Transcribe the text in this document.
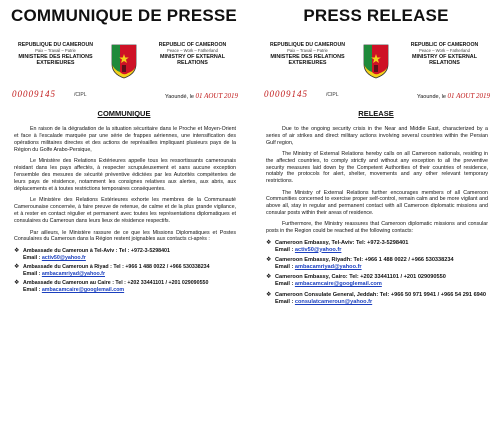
COMMUNIQUE DE PRESSE
REPUBLIQUE DU CAMEROUN
Paix – Travail – Patrie
MINISTERE DES RELATIONS EXTERIEURES
REPUBLIC OF CAMEROON
Peace – Work – Fatherland
MINISTRY OF EXTERNAL RELATIONS
00009145	/CIPL	Yaoundé, le 01 AOUT 2019
COMMUNIQUE

En raison de la dégradation de la situation sécuritaire dans le Proche et Moyen-Orient et face à l'escalade marquée par une série de frappes aériennes, une intensification des opérations militaires directes et des actions de représailles impliquant plusieurs pays de la Région du Golfe Arabo-Persique,

Le Ministère des Relations Extérieures appelle tous les ressortissants camerounais résidant dans les pays affectés, à respecter scrupuleusement et sans aucune exception l'ensemble des mesures de sécurité préventive édictées par les Autorités compétentes de leurs pays de résidence, notamment les consignes relatives aux alertes, aux abris, aux déplacements et à toutes restrictions temporaires conséquentes.

Le Ministère des Relations Extérieures exhorte les membres de la Communauté Camerounaise concernée, à faire preuve de retenue, de calme et de la plus grande vigilance, et à rester en contact régulier et permanent avec toutes les représentations diplomatiques et consulaires du Cameroun dans leurs lieux de résidence respectifs.

Par ailleurs, le Ministère rassure de ce que les Missions Diplomatiques et Postes Consulaires du Cameroun dans la Région restent joignables aux contacts ci-après :

❖ Ambassade du Cameroun à Tel-Aviv : Tel : +972-3-5298401
Email : activ50@yahoo.fr
❖ Ambassade du Cameroun à Riyad : Tel : +966 1 488 0022 / +966 530338234
Email : ambacamriyad@yahoo.fr
❖ Ambassade du Cameroun au Caire : Tel : +202 33441101 / +201 029090550
Email : ambacamcaire@googlemail.com
PRESS RELEASE
REPUBLIQUE DU CAMEROUN
Paix – Travail – Patrie
MINISTERE DES RELATIONS EXTERIEURES
REPUBLIC OF CAMEROON
Peace – Work – Fatherland
MINISTRY OF EXTERNAL RELATIONS
00009145	/CIPL	Yaounde, le 01 AOUT 2019
RELEASE

Due to the ongoing security crisis in the Near and Middle East, characterized by a series of air strikes and direct military actions involving several countries within the Persian Gulf region,

The Ministry of External Relations hereby calls on all Cameroon nationals, residing in the affected countries, to comply strictly and without any exception to all the preventive security measures laid down by the Competent Authorities of their countries of residence, notably the protocols for alert, shelter, movements and any other relevant temporary restrictions.

The Ministry of External Relations further encourages members of all Cameroon Communities concerned to exercise proper self-control, remain calm and be more vigilant and above all, stay in regular and permanent contact with all Cameroon diplomatic missions and consular posts within their areas of residence.

Furthermore, the Ministry reassures that Cameroon diplomatic missions and consular posts in the Region could be reached at the following contacts:

❖ Cameroon Embassy, Tel-Aviv: Tel: +972-3-5298401
Email : activ50@yahoo.fr
❖ Cameroon Embassy, Riyadh: Tel: +966 1 488 0022 / +966 530338234
Email : ambacamriyad@yahoo.fr
❖ Cameroon Embassy, Cairo: Tel: +202 33441101 / +201 029090550
Email : ambacamcaire@googlemail.com
❖ Cameroon Consulate General, Jeddah: Tel: +966 50 971 9941 / +966 54 291 6940
Email : consulatcameroun@yahoo.fr
